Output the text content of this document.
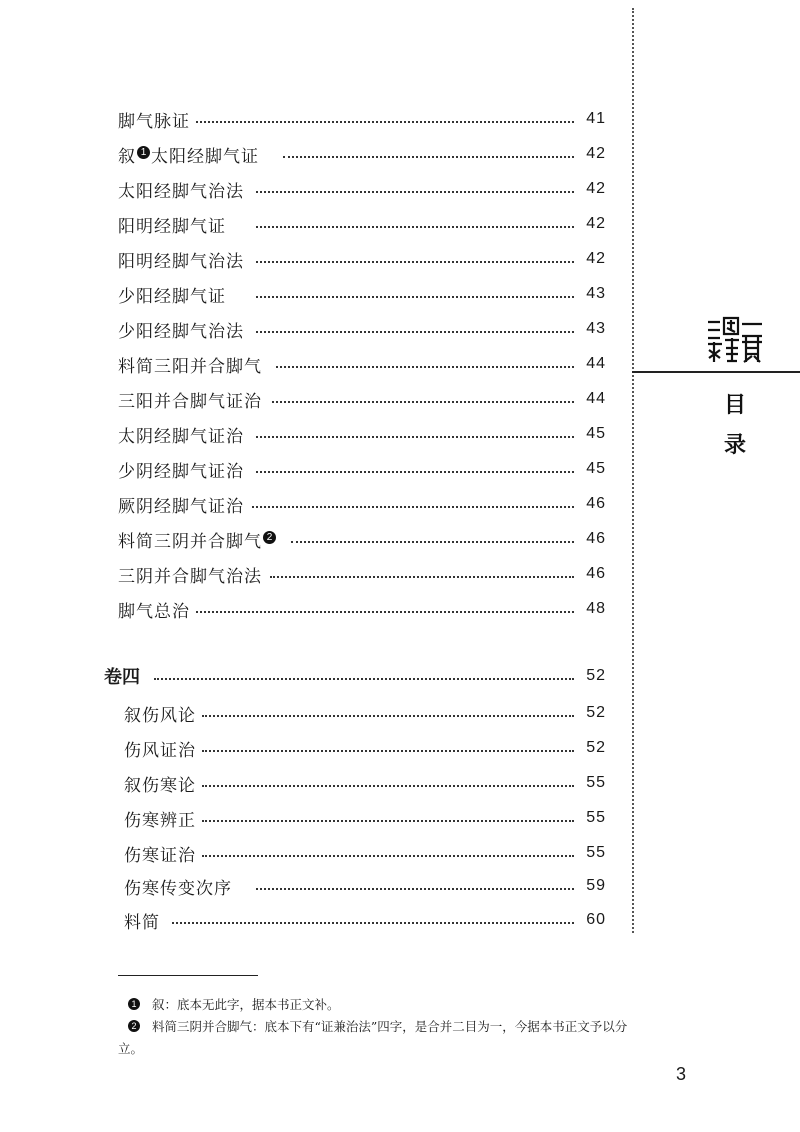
脚气脉证	41
叙 1 太阳经脚气证	42
太阳经脚气治法	42
阳明经脚气证	42
阳明经脚气治法	42
少阳经脚气证	43
少阳经脚气治法	43
料简三阳并合脚气	44
三阳并合脚气证治	44
太阴经脚气证治	45
少阴经脚气证治	45
厥阴经脚气证治	46
料简三阴并合脚气 2	46
三阴并合脚气治法	46
脚气总治	48
卷四	52
叙伤风论	52
伤风证治	52
叙伤寒论	55
伤寒辨正	55
伤寒证治	55
伤寒传变次序	59
料简	60
目
录
1 叙：底本无此字，据本书正文补。
2 料简三阴并合脚气：底本下有“证兼治法”四字，是合并二目为一，今据本书正文予以分
立。
3
